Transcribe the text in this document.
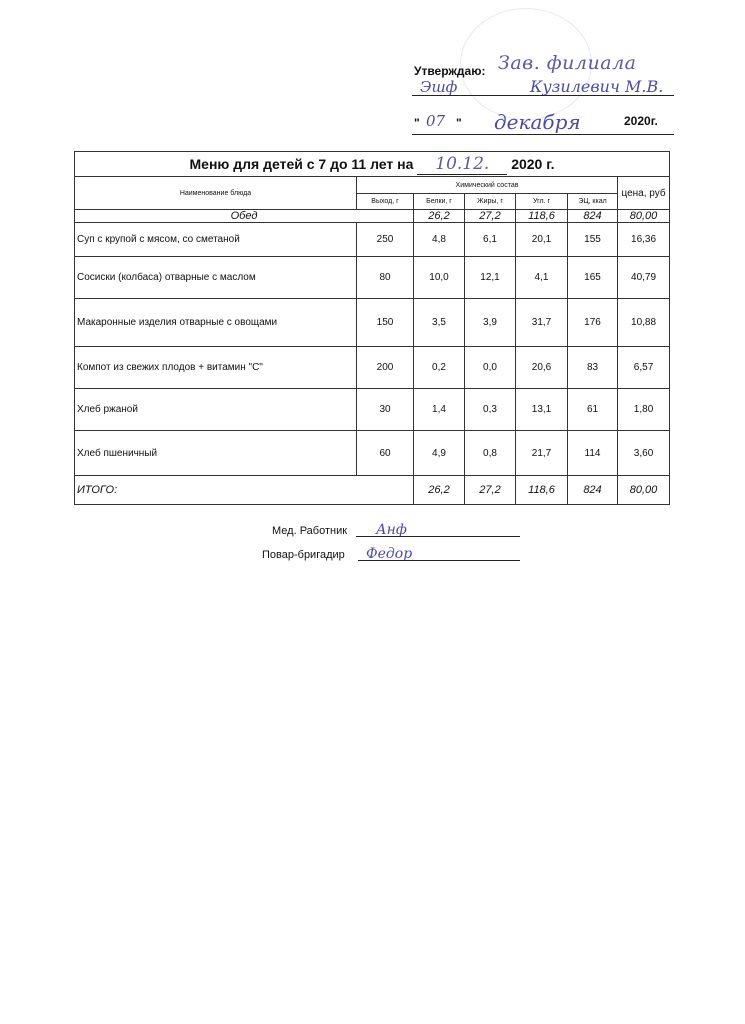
Утверждаю: Зав. филиала
Эшф	Кузилевич М.В.
" 07 " декабря	2020г.
Меню для детей с 7 до 11 лет на 10.12. 2020 г.						
Наименование блюда	Химический состав					цена, руб
	Выход, г	Белки, г	Жиры, г	Угл. г	ЭЦ, ккал	
Обед		26,2	27,2	118,6	824	80,00
Суп с крупой с мясом, со сметаной	250	4,8	6,1	20,1	155	16,36
Сосиски (колбаса) отварные с маслом	80	10,0	12,1	4,1	165	40,79
Макаронные изделия отварные с овощами	150	3,5	3,9	31,7	176	10,88
Компот из свежих плодов + витамин "С"	200	0,2	0,0	20,6	83	6,57
Хлеб ржаной	30	1,4	0,3	13,1	61	1,80
Хлеб пшеничный	60	4,9	0,8	21,7	114	3,60
ИТОГО:		26,2	27,2	118,6	824	80,00
Мед. Работник Анф
Повар-бригадир Федор
